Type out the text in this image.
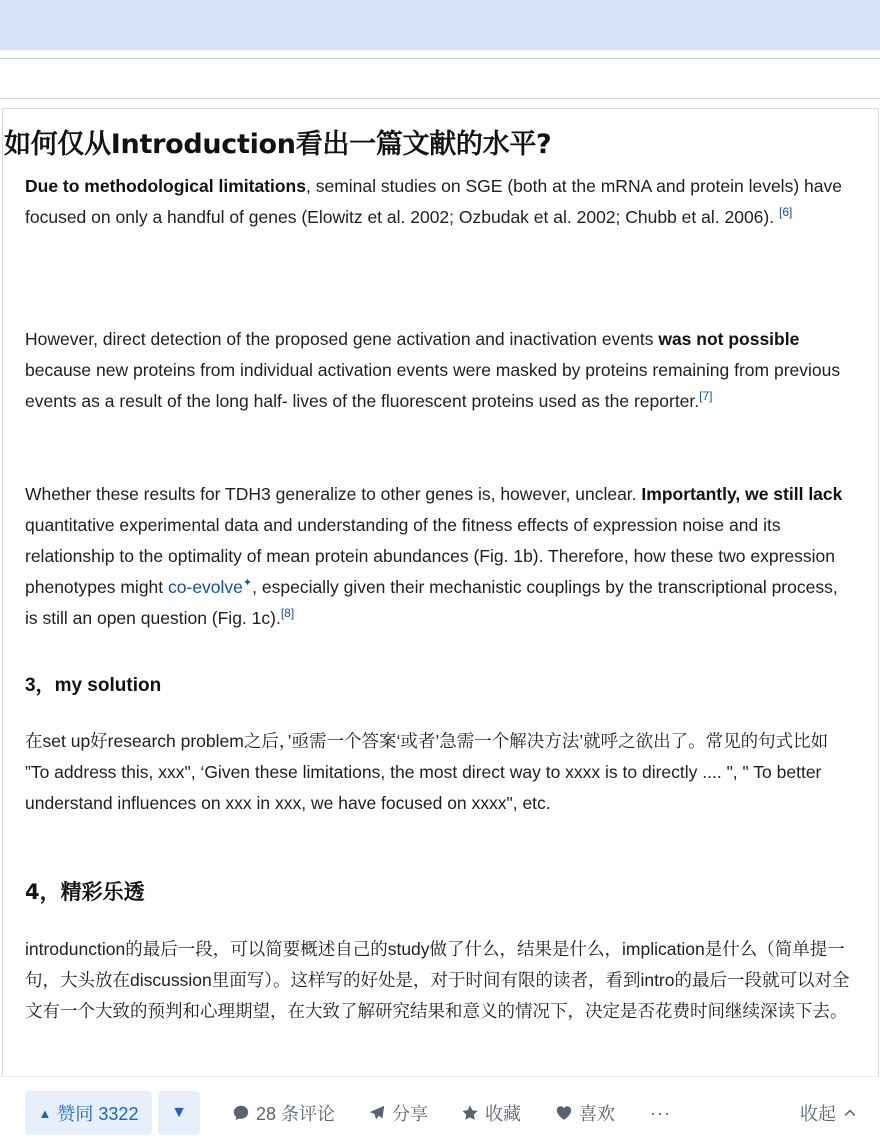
如何仅从Introduction看出一篇文献的水平?

Due to methodological limitations, seminal studies on SGE (both at the mRNA and protein levels) have focused on only a handful of genes (Elowitz et al. 2002; Ozbudak et al. 2002; Chubb et al. 2006). [6]

However, direct detection of the proposed gene activation and inactivation events was not possible because new proteins from individual activation events were masked by proteins remaining from previous events as a result of the long half- lives of the fluorescent proteins used as the reporter.[7]

Whether these results for TDH3 generalize to other genes is, however, unclear. Importantly, we still lack quantitative experimental data and understanding of the fitness effects of expression noise and its relationship to the optimality of mean protein abundances (Fig. 1b). Therefore, how these two expression phenotypes might co-evolve✦, especially given their mechanistic couplings by the transcriptional process, is still an open question (Fig. 1c).[8]

3，my solution

在set up好research problem之后，’亟需一个答案‘或者’急需一个解决方法’就呼之欲出了。常见的句式比如 ”To address this, xxx", ‘Given these limitations, the most direct way to xxxx is to directly .... ", " To better understand influences on xxx in xxx, we have focused on xxxx", etc.

4，精彩乐透

introdunction的最后一段，可以简要概述自己的study做了什么，结果是什么，implication是什么（简单提一句，大头放在discussion里面写）。这样写的好处是，对于时间有限的读者，看到intro的最后一段就可以对全文有一个大致的预判和心理期望，在大致了解研究结果和意义的情况下，决定是否花费时间继续深读下去。

▲ 赞同 3322 ▼	28 条评论	分享	收藏	喜欢 ···	收起
